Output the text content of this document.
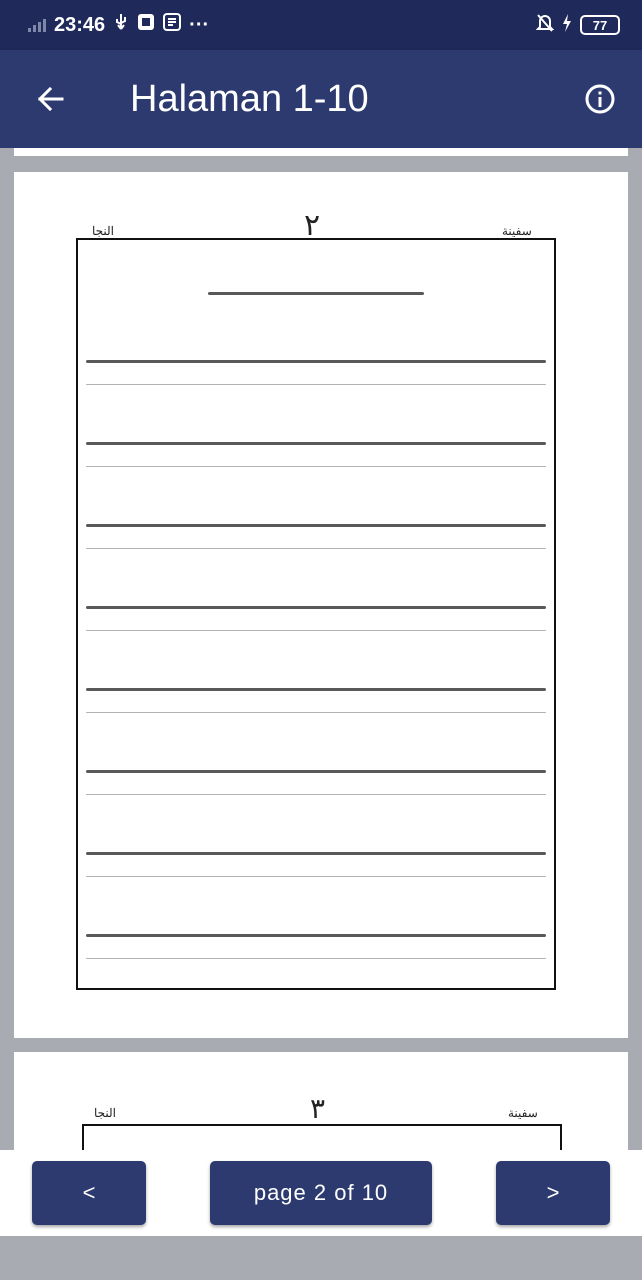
23:46	···	77
Halaman 1-10
٢	سفينة
النجا
٣	سفينة
النجا
<	page 2 of 10	>
